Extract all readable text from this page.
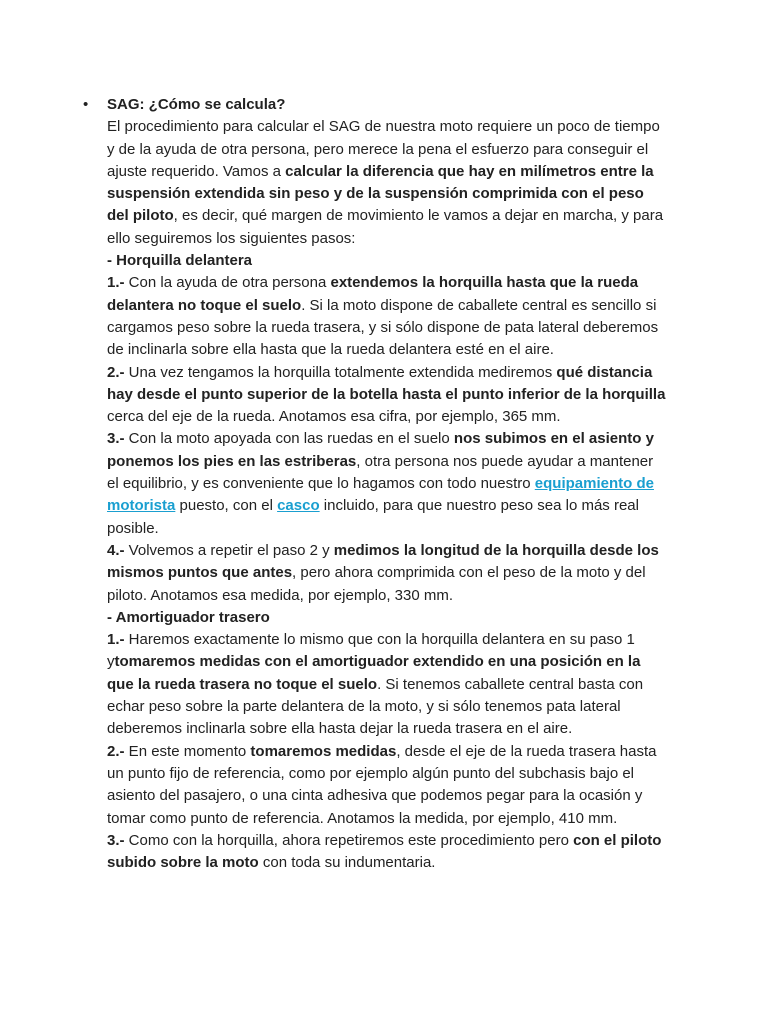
• SAG: ¿Cómo se calcula?

El procedimiento para calcular el SAG de nuestra moto requiere un poco de tiempo y de la ayuda de otra persona, pero merece la pena el esfuerzo para conseguir el ajuste requerido. Vamos a calcular la diferencia que hay en milímetros entre la suspensión extendida sin peso y de la suspensión comprimida con el peso del piloto, es decir, qué margen de movimiento le vamos a dejar en marcha, y para ello seguiremos los siguientes pasos:

- Horquilla delantera

1.- Con la ayuda de otra persona extendemos la horquilla hasta que la rueda delantera no toque el suelo. Si la moto dispone de caballete central es sencillo si cargamos peso sobre la rueda trasera, y si sólo dispone de pata lateral deberemos de inclinarla sobre ella hasta que la rueda delantera esté en el aire.

2.- Una vez tengamos la horquilla totalmente extendida mediremos qué distancia hay desde el punto superior de la botella hasta el punto inferior de la horquilla cerca del eje de la rueda. Anotamos esa cifra, por ejemplo, 365 mm.

3.- Con la moto apoyada con las ruedas en el suelo nos subimos en el asiento y ponemos los pies en las estriberas, otra persona nos puede ayudar a mantener el equilibrio, y es conveniente que lo hagamos con todo nuestro equipamiento de motorista puesto, con el casco incluido, para que nuestro peso sea lo más real posible.

4.- Volvemos a repetir el paso 2 y medimos la longitud de la horquilla desde los mismos puntos que antes, pero ahora comprimida con el peso de la moto y del piloto. Anotamos esa medida, por ejemplo, 330 mm.

- Amortiguador trasero

1.- Haremos exactamente lo mismo que con la horquilla delantera en su paso 1 ytomaremos medidas con el amortiguador extendido en una posición en la que la rueda trasera no toque el suelo. Si tenemos caballete central basta con echar peso sobre la parte delantera de la moto, y si sólo tenemos pata lateral deberemos inclinarla sobre ella hasta dejar la rueda trasera en el aire.

2.- En este momento tomaremos medidas, desde el eje de la rueda trasera hasta un punto fijo de referencia, como por ejemplo algún punto del subchasis bajo el asiento del pasajero, o una cinta adhesiva que podemos pegar para la ocasión y tomar como punto de referencia. Anotamos la medida, por ejemplo, 410 mm.

3.- Como con la horquilla, ahora repetiremos este procedimiento pero con el piloto subido sobre la moto con toda su indumentaria.
